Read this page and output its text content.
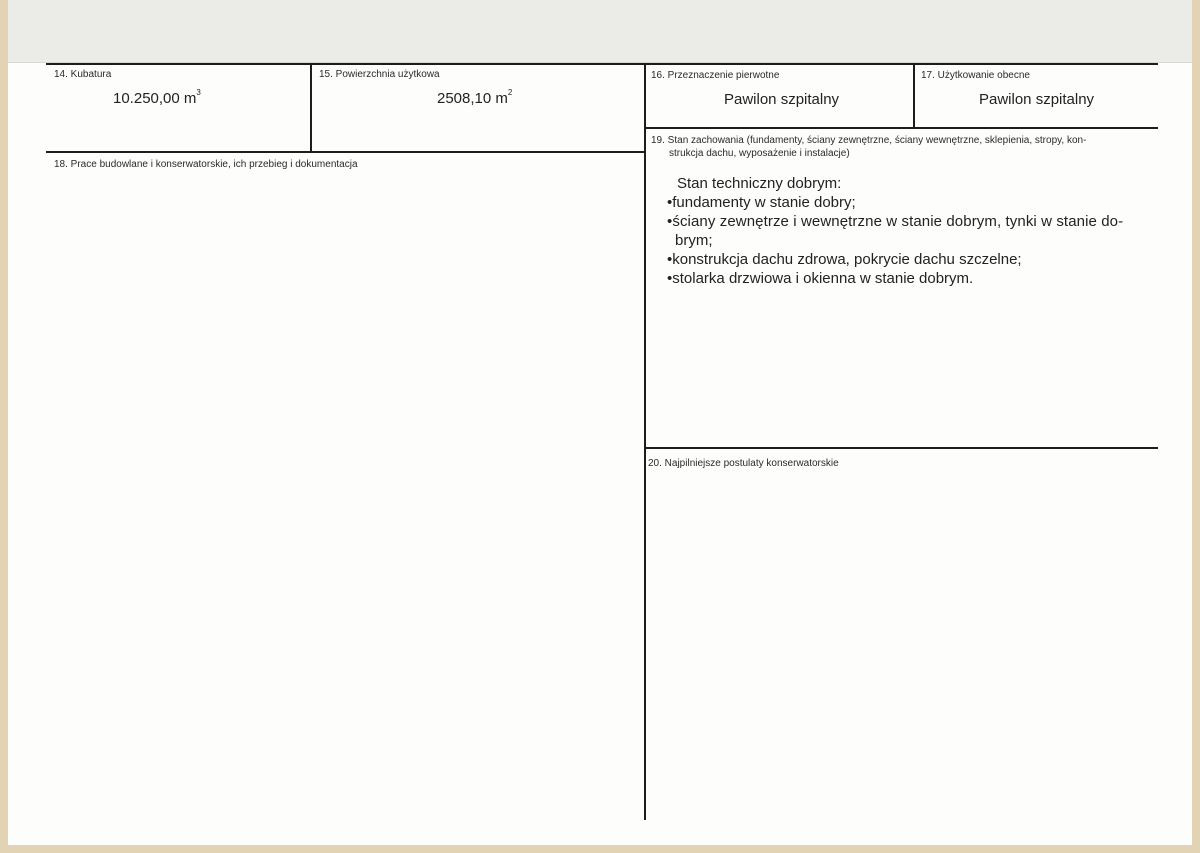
14. Kubatura
10.250,00 $m^3$
15. Powierzchnia użytkowa
2508,10 $m^2$
16. Przeznaczenie pierwotne
Pawilon szpitalny
17. Użytkowanie obecne
Pawilon szpitalny
18. Prace budowlane i konserwatorskie, ich przebieg i dokumentacja
19. Stan zachowania (fundamenty, ściany zewnętrzne, ściany wewnętrzne, sklepienia, stropy, kon-
strukcja dachu, wyposażenie i instalacje)
Stan techniczny dobrym:
•fundamenty w stanie dobry;
•ściany zewnętrze i wewnętrzne w stanie dobrym, tynki w stanie do-
brym;
•konstrukcja dachu zdrowa, pokrycie dachu szczelne;
•stolarka drzwiowa i okienna w stanie dobrym.
20. Najpilniejsze postulaty konserwatorskie
